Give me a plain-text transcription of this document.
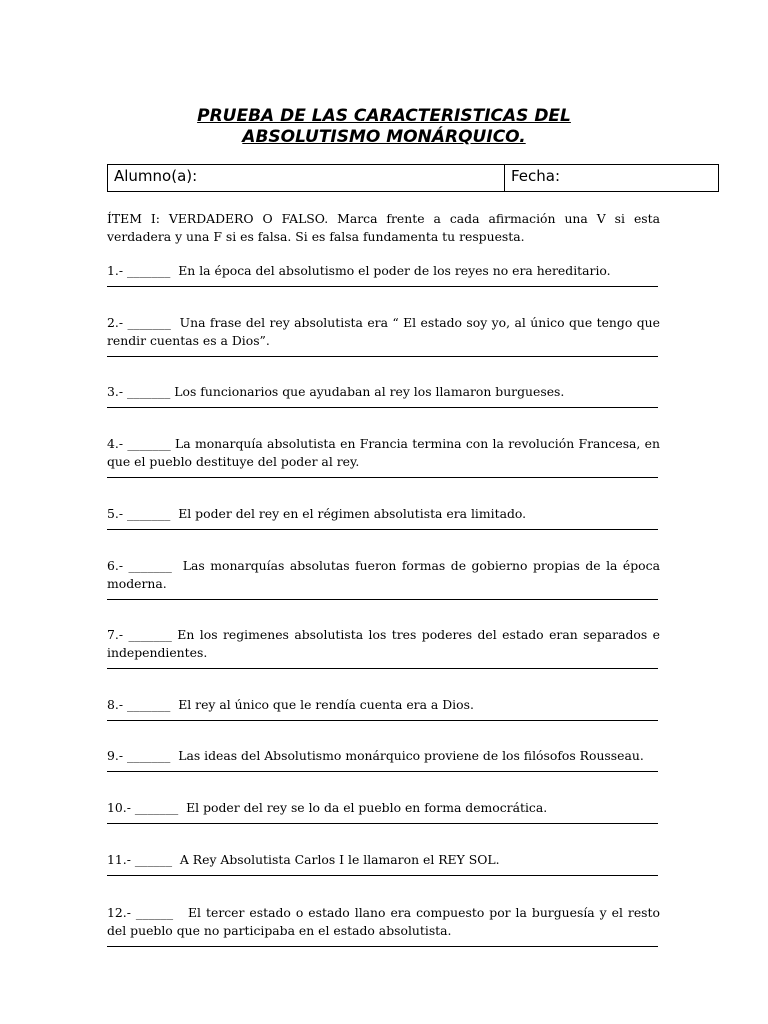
PRUEBA DE LAS CARACTERISTICAS DEL
ABSOLUTISMO MONÁRQUICO.
Alumno(a):	Fecha:
ÍTEM I: VERDADERO O FALSO. Marca frente a cada afirmación una V si esta verdadera y una F si es falsa. Si es falsa fundamenta tu respuesta.
1.- _______ En la época del absolutismo el poder de los reyes no era hereditario.
2.- _______ Una frase del rey absolutista era “ El estado soy yo, al único que tengo que rendir cuentas es a Dios”.
3.- _______ Los funcionarios que ayudaban al rey los llamaron burgueses.
4.- _______ La monarquía absolutista en Francia termina con la revolución Francesa, en que el pueblo destituye del poder al rey.
5.- _______ El poder del rey en el régimen absolutista era limitado.
6.- _______ Las monarquías absolutas fueron formas de gobierno propias de la época moderna.
7.- _______ En los regimenes absolutista los tres poderes del estado eran separados e independientes.
8.- _______ El rey al único que le rendía cuenta era a Dios.
9.- _______ Las ideas del Absolutismo monárquico proviene de los filósofos Rousseau.
10.- _______ El poder del rey se lo da el pueblo en forma democrática.
11.- ______ A Rey Absolutista Carlos I le llamaron el REY SOL.
12.- ______ El tercer estado o estado llano era compuesto por la burguesía y el resto del pueblo que no participaba en el estado absolutista.
